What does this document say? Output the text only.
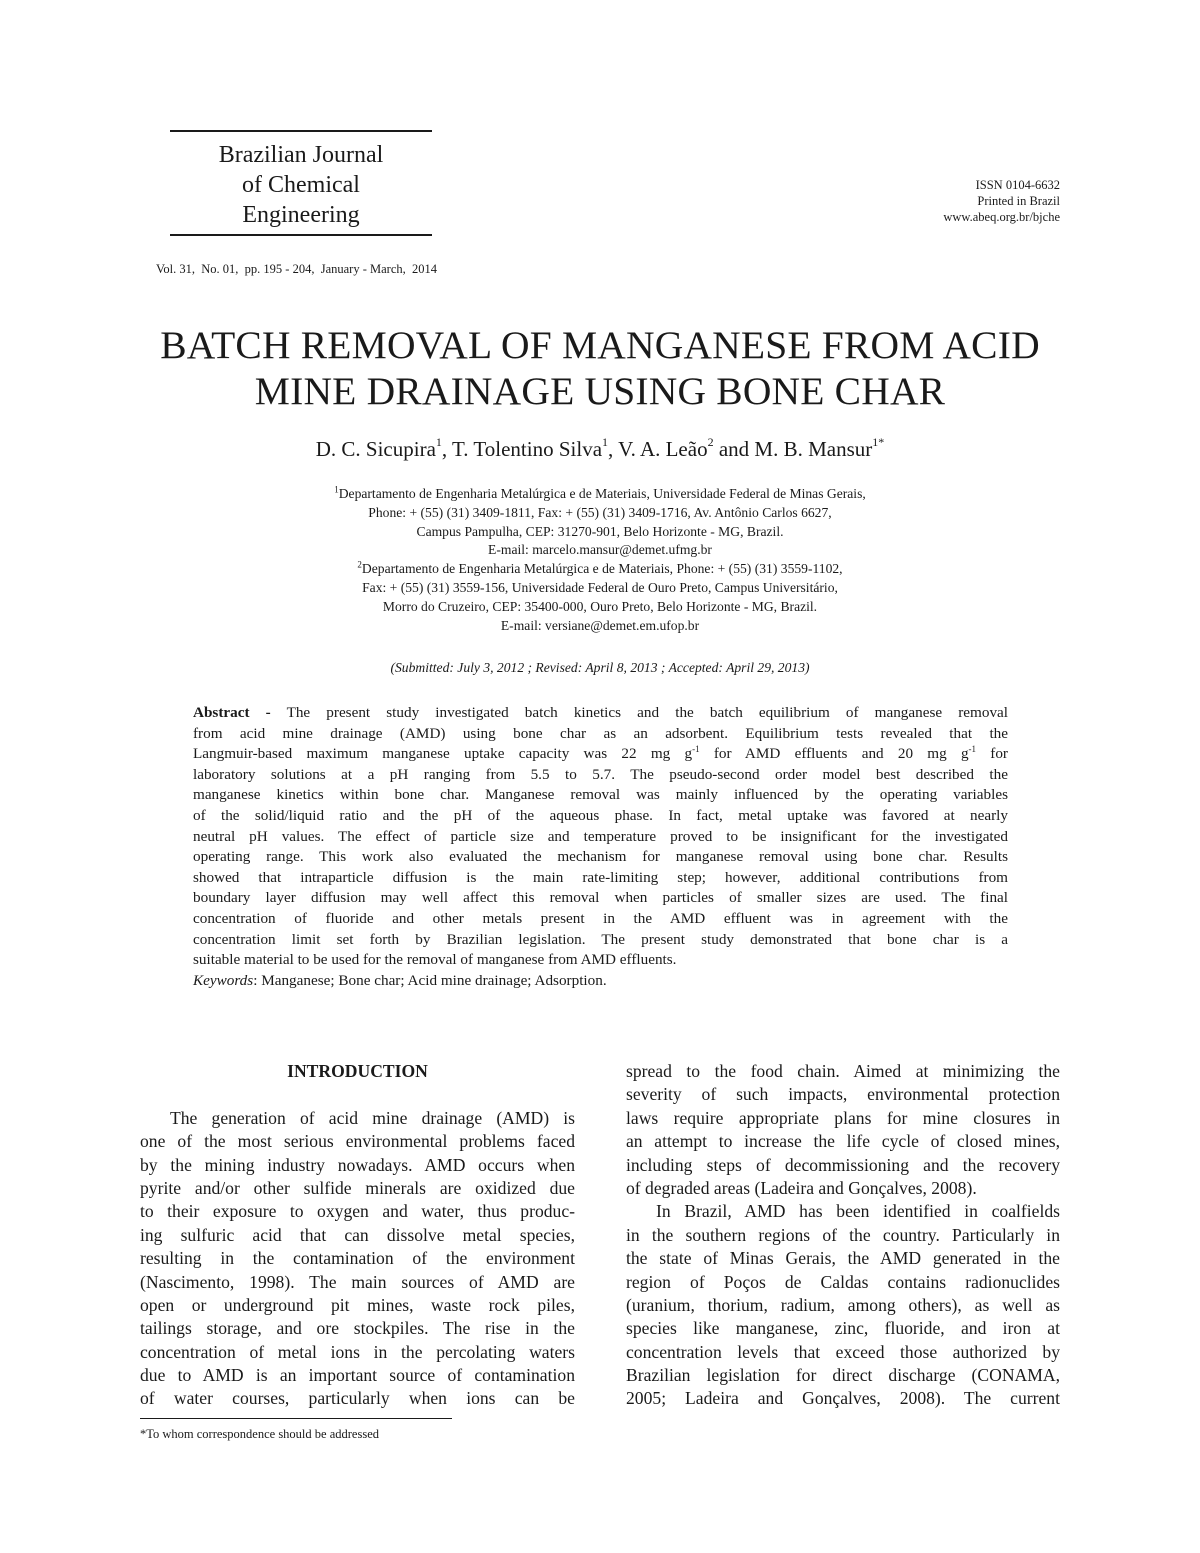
Brazilian Journal
of Chemical
Engineering
ISSN 0104-6632
Printed in Brazil
www.abeq.org.br/bjche
Vol. 31,  No. 01,  pp. 195 - 204,  January - March,  2014
BATCH REMOVAL OF MANGANESE FROM ACID
MINE DRAINAGE USING BONE CHAR
D. C. Sicupira$^1$, T. Tolentino Silva$^1$, V. A. Leão$^2$ and M. B. Mansur$^{1*}$
$^1$Departamento de Engenharia Metalúrgica e de Materiais, Universidade Federal de Minas Gerais,
Phone: + (55) (31) 3409-1811, Fax: + (55) (31) 3409-1716, Av. Antônio Carlos 6627,
Campus Pampulha, CEP: 31270-901, Belo Horizonte - MG, Brazil.
E-mail: marcelo.mansur@demet.ufmg.br
$^2$Departamento de Engenharia Metalúrgica e de Materiais, Phone: + (55) (31) 3559-1102,
Fax: + (55) (31) 3559-156, Universidade Federal de Ouro Preto, Campus Universitário,
Morro do Cruzeiro, CEP: 35400-000, Ouro Preto, Belo Horizonte - MG, Brazil.
E-mail: versiane@demet.em.ufop.br
(Submitted: July 3, 2012 ; Revised: April 8, 2013 ; Accepted: April 29, 2013)
Abstract - The present study investigated batch kinetics and the batch equilibrium of manganese removal
from acid mine drainage (AMD) using bone char as an adsorbent. Equilibrium tests revealed that the
Langmuir-based maximum manganese uptake capacity was 22 mg $g^{-1}$ for AMD effluents and 20 mg $g^{-1}$ for
laboratory solutions at a pH ranging from 5.5 to 5.7. The pseudo-second order model best described the
manganese kinetics within bone char. Manganese removal was mainly influenced by the operating variables
of the solid/liquid ratio and the pH of the aqueous phase. In fact, metal uptake was favored at nearly
neutral pH values. The effect of particle size and temperature proved to be insignificant for the investigated
operating range. This work also evaluated the mechanism for manganese removal using bone char. Results
showed that intraparticle diffusion is the main rate-limiting step; however, additional contributions from
boundary layer diffusion may well affect this removal when particles of smaller sizes are used. The final
concentration of fluoride and other metals present in the AMD effluent was in agreement with the
concentration limit set forth by Brazilian legislation. The present study demonstrated that bone char is a
suitable material to be used for the removal of manganese from AMD effluents.
Keywords: Manganese; Bone char; Acid mine drainage; Adsorption.
INTRODUCTION
The generation of acid mine drainage (AMD) is
one of the most serious environmental problems faced
by the mining industry nowadays. AMD occurs when
pyrite and/or other sulfide minerals are oxidized due
to their exposure to oxygen and water, thus produc-
ing sulfuric acid that can dissolve metal species,
resulting in the contamination of the environment
(Nascimento, 1998). The main sources of AMD are
open or underground pit mines, waste rock piles,
tailings storage, and ore stockpiles. The rise in the
concentration of metal ions in the percolating waters
due to AMD is an important source of contamination
of water courses, particularly when ions can be
spread to the food chain. Aimed at minimizing the
severity of such impacts, environmental protection
laws require appropriate plans for mine closures in
an attempt to increase the life cycle of closed mines,
including steps of decommissioning and the recovery
of degraded areas (Ladeira and Gonçalves, 2008).
In Brazil, AMD has been identified in coalfields
in the southern regions of the country. Particularly in
the state of Minas Gerais, the AMD generated in the
region of Poços de Caldas contains radionuclides
(uranium, thorium, radium, among others), as well as
species like manganese, zinc, fluoride, and iron at
concentration levels that exceed those authorized by
Brazilian legislation for direct discharge (CONAMA,
2005; Ladeira and Gonçalves, 2008). The current
*To whom correspondence should be addressed
